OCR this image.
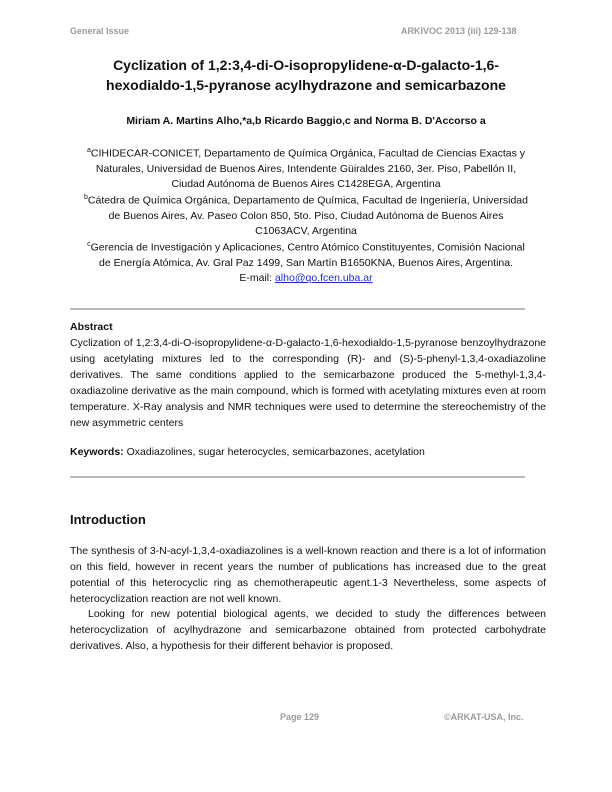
General Issue	ARKIVOC 2013 (iii) 129-138
Cyclization of 1,2:3,4-di-O-isopropylidene-α-D-galacto-1,6-
hexodialdo-1,5-pyranose acylhydrazone and semicarbazone
Miriam A. Martins Alho,*a,b Ricardo Baggio,c and Norma B. D'Accorso a
$^a$CIHIDECAR-CONICET, Departamento de Química Orgánica, Facultad de Ciencias Exactas y
Naturales, Universidad de Buenos Aires, Intendente Güiraldes 2160, 3er. Piso, Pabellón II,
Ciudad Autónoma de Buenos Aires C1428EGA, Argentina
$^b$Cátedra de Química Orgánica, Departamento de Química, Facultad de Ingeniería, Universidad
de Buenos Aires, Av. Paseo Colon 850, 5to. Piso, Ciudad Autónoma de Buenos Aires
C1063ACV, Argentina
$^c$Gerencia de Investigación y Aplicaciones, Centro Atómico Constituyentes, Comisión Nacional
de Energía Atómica, Av. Gral Paz 1499, San Martín B1650KNA, Buenos Aires, Argentina.
E-mail: alho@qo.fcen.uba.ar
Abstract
Cyclization of 1,2:3,4-di-O-isopropylidene-α-D-galacto-1,6-hexodialdo-1,5-pyranose benzoylhydrazone using acetylating mixtures led to the corresponding (R)- and (S)-5-phenyl-1,3,4-oxadiazoline derivatives. The same conditions applied to the semicarbazone produced the 5-methyl-1,3,4-oxadiazoline derivative as the main compound, which is formed with acetylating mixtures even at room temperature. X-Ray analysis and NMR techniques were used to determine the stereochemistry of the new asymmetric centers
Keywords: Oxadiazolines, sugar heterocycles, semicarbazones, acetylation
Introduction
The synthesis of 3-N-acyl-1,3,4-oxadiazolines is a well-known reaction and there is a lot of information on this field, however in recent years the number of publications has increased due to the great potential of this heterocyclic ring as chemotherapeutic agent.1-3 Nevertheless, some aspects of heterocyclization reaction are not well known.
Looking for new potential biological agents, we decided to study the differences between heterocyclization of acylhydrazone and semicarbazone obtained from protected carbohydrate derivatives. Also, a hypothesis for their different behavior is proposed.
Page 129	©ARKAT-USA, Inc.
